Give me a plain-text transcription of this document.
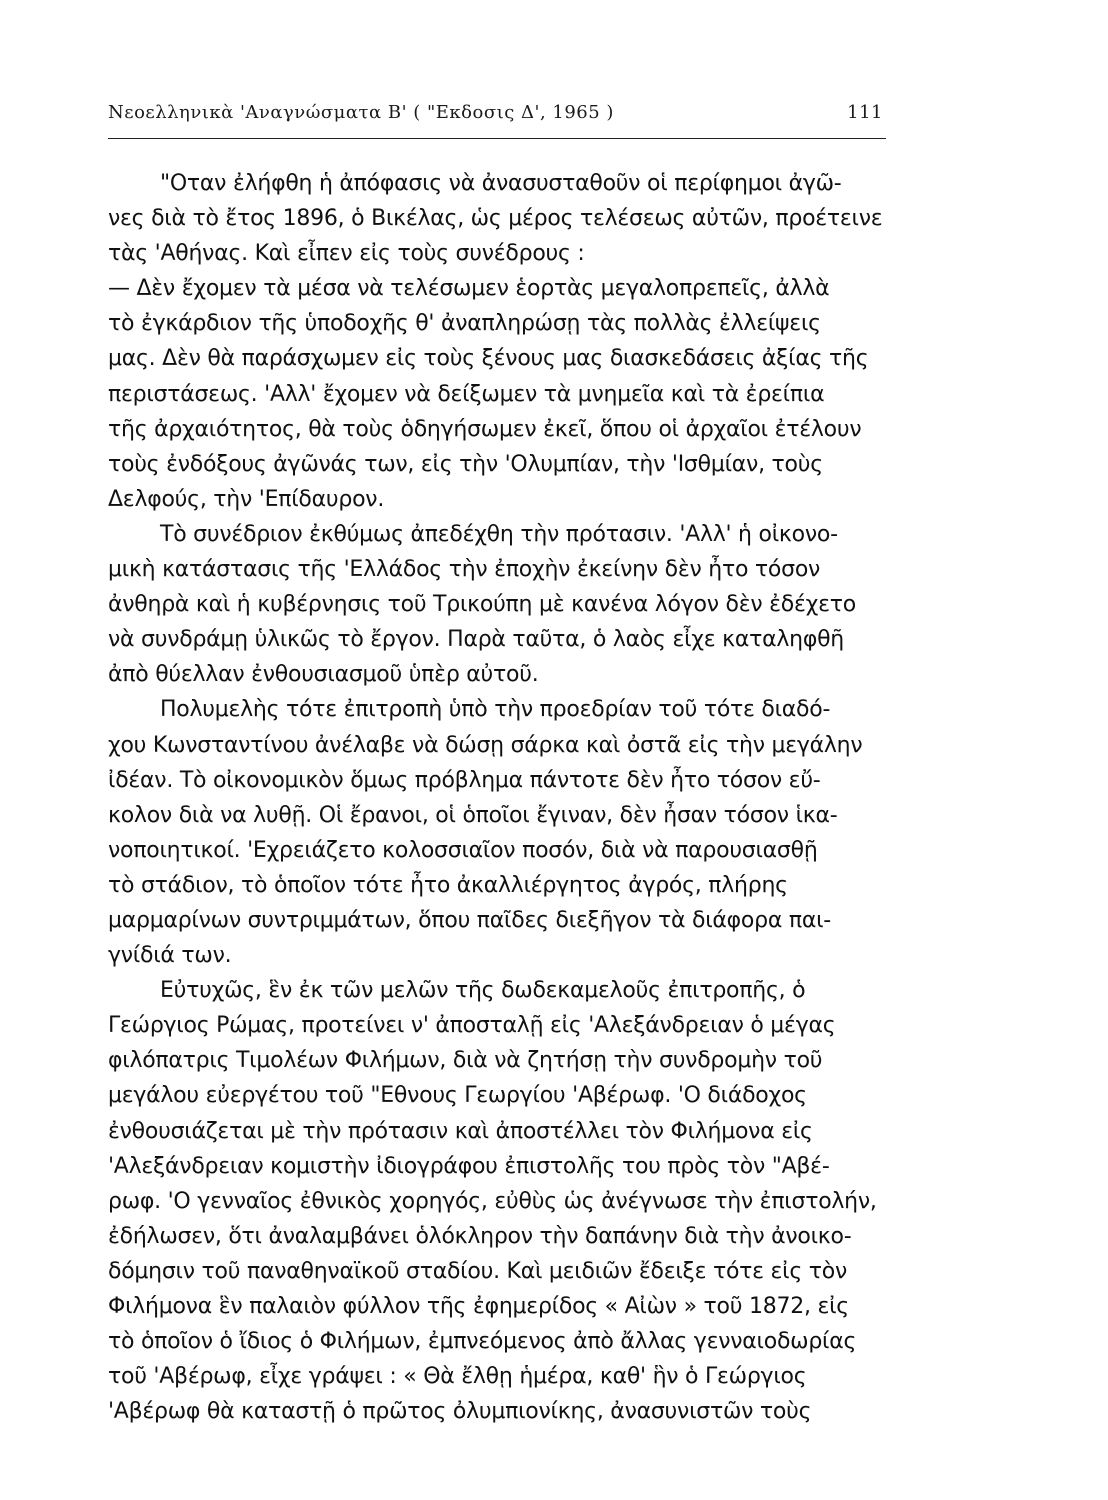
Νεοελληνικὰ 'Αναγνώσματα Β' ( "Εκδοσις Δ', 1965 )	111
"Οταν ἐλήφθη ἡ ἀπόφασις νὰ ἀνασυσταθοῦν οἱ περίφημοι ἀγῶ-
νες διὰ τὸ ἔτος 1896, ὁ Βικέλας, ὡς μέρος τελέσεως αὐτῶν, προέτεινε
τὰς 'Αθήνας. Καὶ εἶπεν εἰς τοὺς συνέδρους :
— Δὲν ἔχομεν τὰ μέσα νὰ τελέσωμεν ἑορτὰς μεγαλοπρεπεῖς, ἀλλὰ
τὸ ἐγκάρδιον τῆς ὑποδοχῆς θ' ἀναπληρώσῃ τὰς πολλὰς ἐλλείψεις
μας. Δὲν θὰ παράσχωμεν εἰς τοὺς ξένους μας διασκεδάσεις ἀξίας τῆς
περιστάσεως. 'Αλλ' ἔχομεν νὰ δείξωμεν τὰ μνημεῖα καὶ τὰ ἐρείπια
τῆς ἀρχαιότητος, θὰ τοὺς ὁδηγήσωμεν ἐκεῖ, ὅπου οἱ ἀρχαῖοι ἐτέλουν
τοὺς ἐνδόξους ἀγῶνάς των, εἰς τὴν 'Ολυμπίαν, τὴν 'Ισθμίαν, τοὺς
Δελφούς, τὴν 'Επίδαυρον.
Τὸ συνέδριον ἐκθύμως ἀπεδέχθη τὴν πρότασιν. 'Αλλ' ἡ οἰκονο-
μικὴ κατάστασις τῆς 'Ελλάδος τὴν ἐποχὴν ἐκείνην δὲν ἦτο τόσον
ἀνθηρὰ καὶ ἡ κυβέρνησις τοῦ Τρικούπη μὲ κανένα λόγον δὲν ἐδέχετο
νὰ συνδράμῃ ὑλικῶς τὸ ἔργον. Παρὰ ταῦτα, ὁ λαὸς εἶχε καταληφθῆ
ἀπὸ θύελλαν ἐνθουσιασμοῦ ὑπὲρ αὐτοῦ.
Πολυμελὴς τότε ἐπιτροπὴ ὑπὸ τὴν προεδρίαν τοῦ τότε διαδό-
χου Κωνσταντίνου ἀνέλαβε νὰ δώσῃ σάρκα καὶ ὀστᾶ εἰς τὴν μεγάλην
ἰδέαν. Τὸ οἰκονομικὸν ὅμως πρόβλημα πάντοτε δὲν ἦτο τόσον εὔ-
κολον διὰ να λυθῇ. Οἱ ἔρανοι, οἱ ὁποῖοι ἔγιναν, δὲν ἦσαν τόσον ἱκα-
νοποιητικοί. 'Εχρειάζετο κολοσσιαῖον ποσόν, διὰ νὰ παρουσιασθῇ
τὸ στάδιον, τὸ ὁποῖον τότε ἦτο ἀκαλλιέργητος ἀγρός, πλήρης
μαρμαρίνων συντριμμάτων, ὅπου παῖδες διεξῆγον τὰ διάφορα παι-
γνίδιά των.
Εὐτυχῶς, ἓν ἐκ τῶν μελῶν τῆς δωδεκαμελοῦς ἐπιτροπῆς, ὁ
Γεώργιος Ρώμας, προτείνει ν' ἀποσταλῇ εἰς 'Αλεξάνδρειαν ὁ μέγας
φιλόπατρις Τιμολέων Φιλήμων, διὰ νὰ ζητήσῃ τὴν συνδρομὴν τοῦ
μεγάλου εὐεργέτου τοῦ "Εθνους Γεωργίου 'Αβέρωφ. 'Ο διάδοχος
ἐνθουσιάζεται μὲ τὴν πρότασιν καὶ ἀποστέλλει τὸν Φιλήμονα εἰς
'Αλεξάνδρειαν κομιστὴν ἰδιογράφου ἐπιστολῆς του πρὸς τὸν "Αβέ-
ρωφ. 'Ο γενναῖος ἐθνικὸς χορηγός, εὐθὺς ὡς ἀνέγνωσε τὴν ἐπιστολήν,
ἐδήλωσεν, ὅτι ἀναλαμβάνει ὁλόκληρον τὴν δαπάνην διὰ τὴν ἀνοικο-
δόμησιν τοῦ παναθηναϊκοῦ σταδίου. Καὶ μειδιῶν ἔδειξε τότε εἰς τὸν
Φιλήμονα ἓν παλαιὸν φύλλον τῆς ἐφημερίδος « Αἰὼν » τοῦ 1872, εἰς
τὸ ὁποῖον ὁ ἴδιος ὁ Φιλήμων, ἐμπνεόμενος ἀπὸ ἄλλας γενναιοδωρίας
τοῦ 'Αβέρωφ, εἶχε γράψει : « Θὰ ἔλθῃ ἡμέρα, καθ' ἣν ὁ Γεώργιος
'Αβέρωφ θὰ καταστῇ ὁ πρῶτος ὀλυμπιονίκης, ἀνασυνιστῶν τοὺς
